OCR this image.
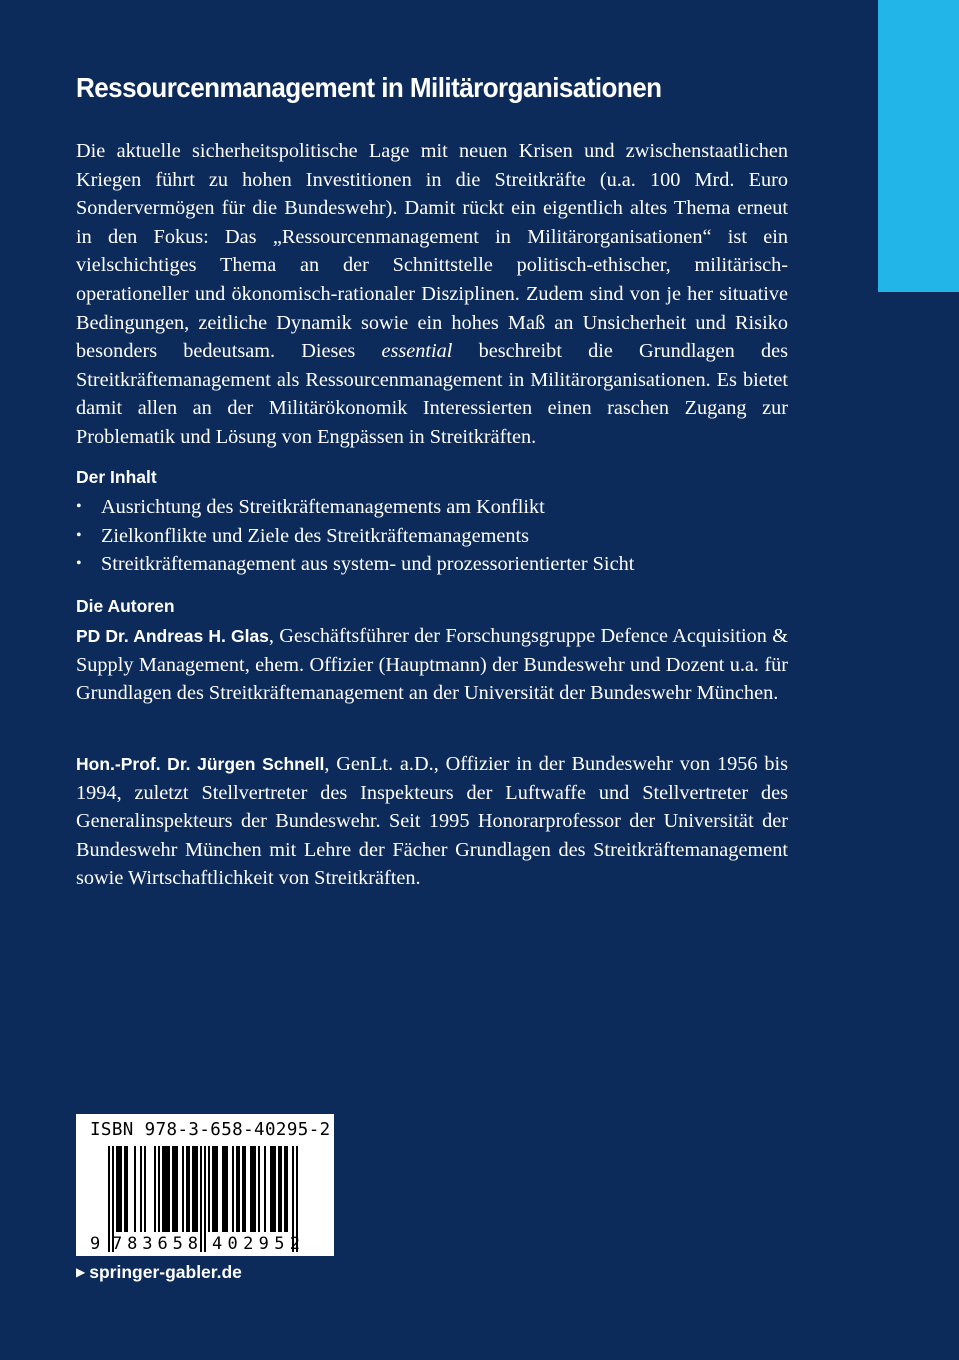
Ressourcenmanagement in Militärorganisationen

Die aktuelle sicherheitspolitische Lage mit neuen Krisen und zwischenstaatlichen Kriegen führt zu hohen Investitionen in die Streitkräfte (u.a. 100 Mrd. Euro Sondervermögen für die Bundeswehr). Damit rückt ein eigentlich altes Thema erneut in den Fokus: Das „Ressourcenmanagement in Militärorganisationen“ ist ein vielschichtiges Thema an der Schnittstelle politisch-ethischer, militärisch-operationeller und ökonomisch-rationaler Disziplinen. Zudem sind von je her situative Bedingungen, zeitliche Dynamik sowie ein hohes Maß an Unsicherheit und Risiko besonders bedeutsam. Dieses essential beschreibt die Grundlagen des Streitkräftemanagement als Ressourcenmanagement in Militärorganisationen. Es bietet damit allen an der Militärökonomik Interessierten einen raschen Zugang zur Problematik und Lösung von Engpässen in Streitkräften.

Der Inhalt
• Ausrichtung des Streitkräftemanagements am Konflikt
• Zielkonflikte und Ziele des Streitkräftemanagements
• Streitkräftemanagement aus system- und prozessorientierter Sicht
Die Autoren

PD Dr. Andreas H. Glas, Geschäftsführer der Forschungsgruppe Defence Acquisition & Supply Management, ehem. Offizier (Hauptmann) der Bundeswehr und Dozent u.a. für Grundlagen des Streitkräftemanagement an der Universität der Bundeswehr München.

Hon.-Prof. Dr. Jürgen Schnell, GenLt. a.D., Offizier in der Bundeswehr von 1956 bis 1994, zuletzt Stellvertreter des Inspekteurs der Luftwaffe und Stellvertreter des Generalinspekteurs der Bundeswehr. Seit 1995 Honorarprofessor der Universität der Bundeswehr München mit Lehre der Fächer Grundlagen des Streitkräftemanagement sowie Wirtschaftlichkeit von Streitkräften.

ISBN 978-3-658-40295-2
9 783658 402952
▶ springer-gabler.de
